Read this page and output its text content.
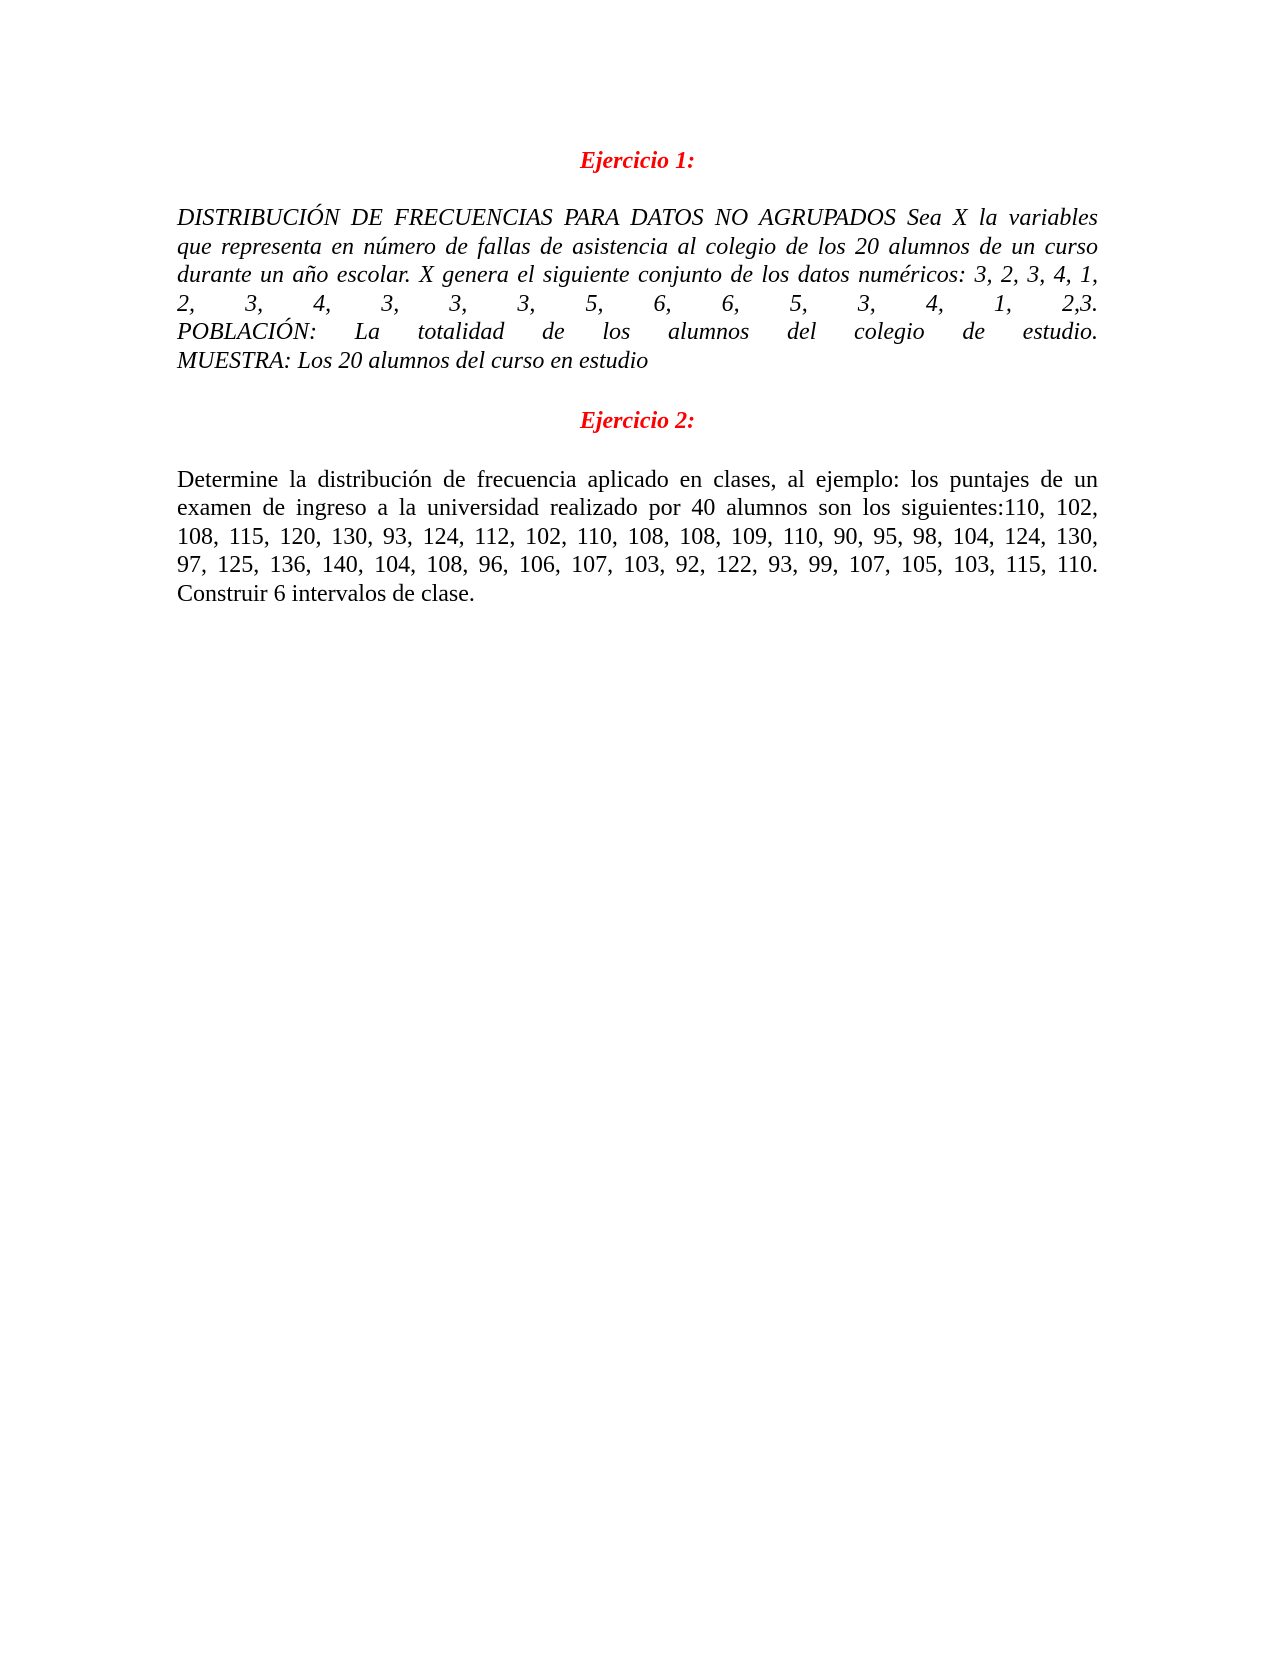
Ejercicio 1:

DISTRIBUCIÓN DE FRECUENCIAS PARA DATOS NO AGRUPADOS Sea X la variables
que representa en número de fallas de asistencia al colegio de los 20 alumnos de un curso
durante un año escolar. X genera el siguiente conjunto de los datos numéricos: 3, 2, 3, 4, 1,
2, 3, 4, 3, 3, 3, 5, 6, 6, 5, 3, 4, 1, 2,3.
POBLACIÓN: La totalidad de los alumnos del colegio de estudio.
MUESTRA: Los 20 alumnos del curso en estudio

Ejercicio 2:

Determine la distribución de frecuencia aplicado en clases, al ejemplo: los puntajes de un
examen de ingreso a la universidad realizado por 40 alumnos son los siguientes:110, 102,
108, 115, 120, 130, 93, 124, 112, 102, 110, 108, 108, 109, 110, 90, 95, 98, 104, 124, 130,
97, 125, 136, 140, 104, 108, 96, 106, 107, 103, 92, 122, 93, 99, 107, 105, 103, 115, 110.
Construir 6 intervalos de clase.
